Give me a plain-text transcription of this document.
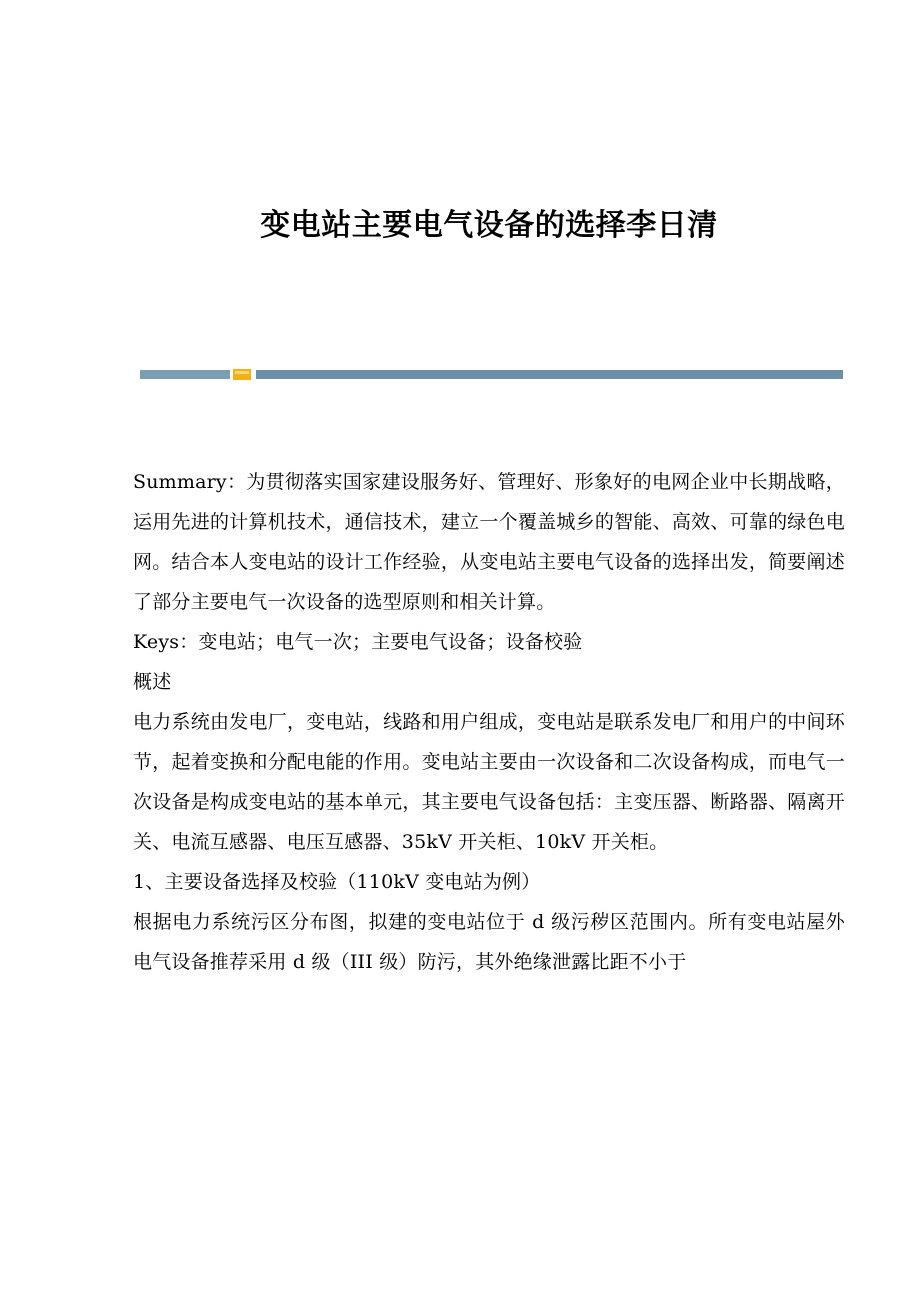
变电站主要电气设备的选择李日清

Summary：为贯彻落实国家建设服务好、管理好、形象好的电网企业中长期战略，运用先进的计算机技术，通信技术，建立一个覆盖城乡的智能、高效、可靠的绿色电网。结合本人变电站的设计工作经验，从变电站主要电气设备的选择出发，简要阐述了部分主要电气一次设备的选型原则和相关计算。

Keys：变电站；电气一次；主要电气设备；设备校验

概述

电力系统由发电厂，变电站，线路和用户组成，变电站是联系发电厂和用户的中间环节，起着变换和分配电能的作用。变电站主要由一次设备和二次设备构成，而电气一次设备是构成变电站的基本单元，其主要电气设备包括：主变压器、断路器、隔离开关、电流互感器、电压互感器、35kV 开关柜、10kV 开关柜。

1、主要设备选择及校验（110kV 变电站为例）

根据电力系统污区分布图，拟建的变电站位于 d 级污秽区范围内。所有变电站屋外电气设备推荐采用 d 级（III 级）防污，其外绝缘泄露比距不小于
